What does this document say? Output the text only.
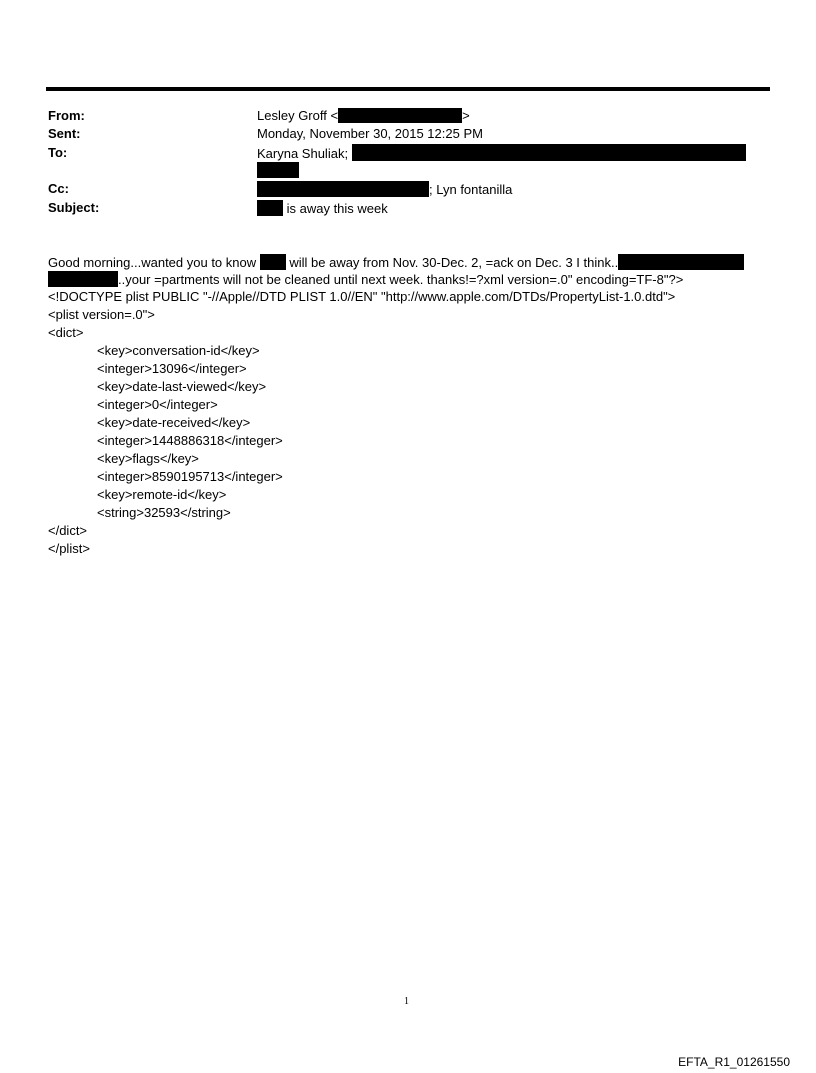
From:	Lesley Groff <	>
Sent:	Monday, November 30, 2015 12:25 PM
To:	Karyna Shuliak;
Cc:	; Lyn fontanilla
Subject:	is away this week
Good morning...wanted you to know  will be away from Nov. 30-Dec. 2, =ack on Dec. 3 I think..
..your =partments will not be cleaned until next week. thanks!=?xml version=.0" encoding=TF-8"?>
<!DOCTYPE plist PUBLIC "-//Apple//DTD PLIST 1.0//EN" "http://www.apple.com/DTDs/PropertyList-1.0.dtd">
<plist version=.0">
<dict>
<key>conversation-id</key>
<integer>13096</integer>
<key>date-last-viewed</key>
<integer>0</integer>
<key>date-received</key>
<integer>1448886318</integer>
<key>flags</key>
<integer>8590195713</integer>
<key>remote-id</key>
<string>32593</string>
</dict>
</plist>
1
EFTA_R1_01261550
